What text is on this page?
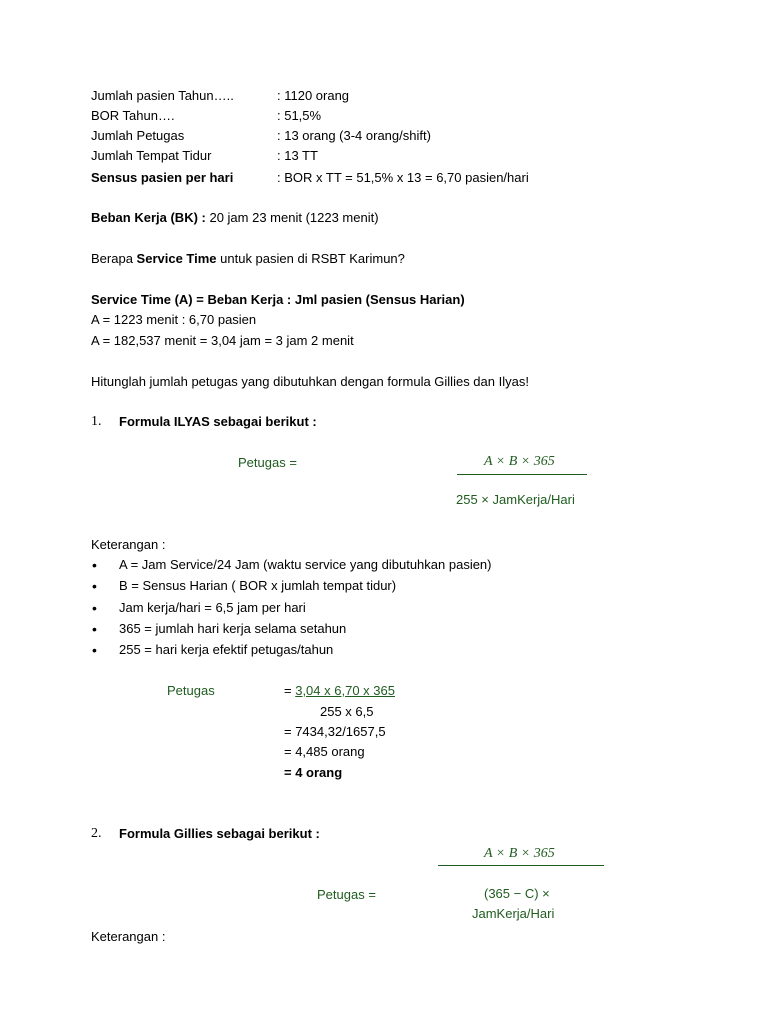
Jumlah pasien Tahun…..	: 1120 orang
BOR Tahun….	: 51,5%
Jumlah Petugas	: 13 orang (3-4 orang/shift)
Jumlah Tempat Tidur	: 13 TT
Sensus pasien per hari	: BOR x TT = 51,5% x 13 = 6,70 pasien/hari
Beban Kerja (BK) : 20 jam 23 menit (1223 menit)
Berapa Service Time untuk pasien di RSBT Karimun?
Service Time (A) = Beban Kerja : Jml pasien (Sensus Harian)
A = 1223 menit : 6,70 pasien
A = 182,537 menit = 3,04 jam = 3 jam 2 menit
Hitunglah jumlah petugas yang dibutuhkan dengan formula Gillies dan Ilyas!
1. Formula ILYAS sebagai berikut :
Petugas =	A × B × 365
255 × JamKerja/Hari
Keterangan :
• A = Jam Service/24 Jam (waktu service yang dibutuhkan pasien)
• B = Sensus Harian ( BOR x jumlah tempat tidur)
• Jam kerja/hari = 6,5 jam per hari
• 365 = jumlah hari kerja selama setahun
• 255 = hari kerja efektif petugas/tahun
Petugas	= 3,04 x 6,70 x 365
255 x 6,5
= 7434,32/1657,5
= 4,485 orang
= 4 orang
2. Formula Gillies sebagai berikut :
A × B × 365
Petugas =	(365 − C) ×
JamKerja/Hari
Keterangan :
